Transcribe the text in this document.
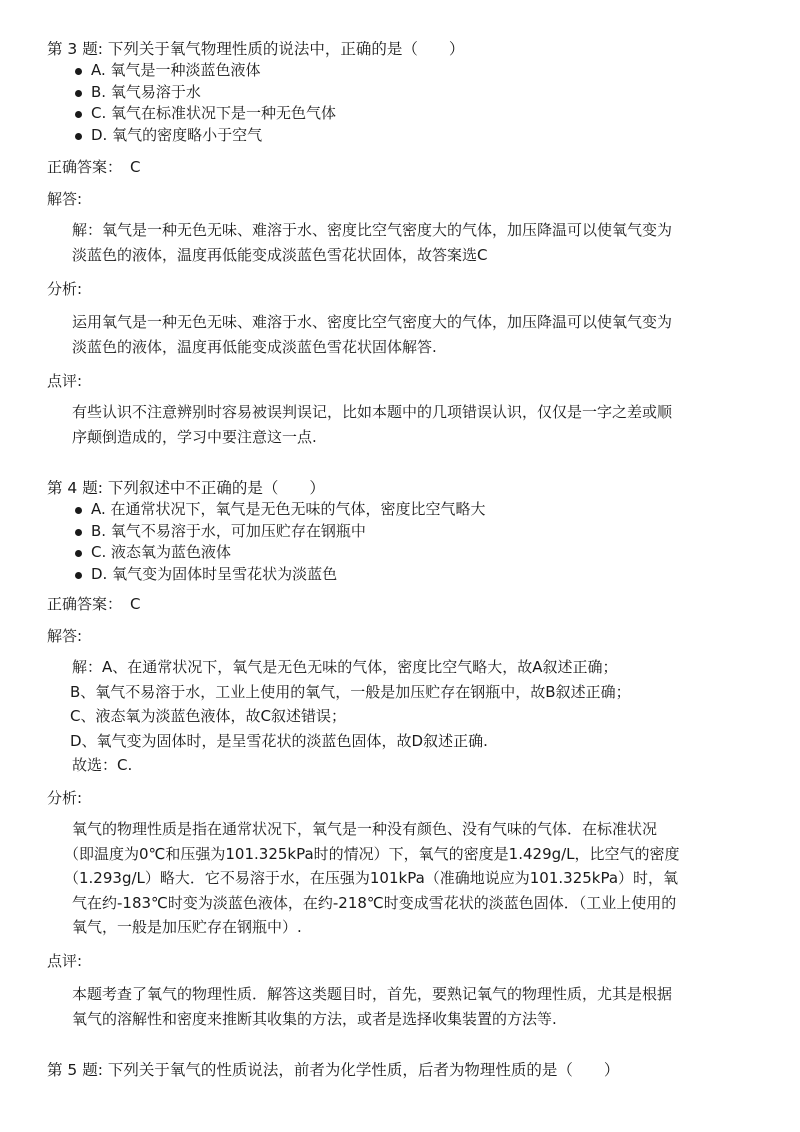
第 3 题: 下列关于氧气物理性质的说法中，正确的是（　　）
A. 氧气是一种淡蓝色液体
B. 氧气易溶于水
C. 氧气在标准状况下是一种无色气体
D. 氧气的密度略小于空气
正确答案： C
解答:
解：氧气是一种无色无味、难溶于水、密度比空气密度大的气体，加压降温可以使氧气变为
淡蓝色的液体，温度再低能变成淡蓝色雪花状固体，故答案选C
分析:
运用氧气是一种无色无味、难溶于水、密度比空气密度大的气体，加压降温可以使氧气变为
淡蓝色的液体，温度再低能变成淡蓝色雪花状固体解答.
点评:
有些认识不注意辨别时容易被误判误记，比如本题中的几项错误认识，仅仅是一字之差或顺
序颠倒造成的，学习中要注意这一点.
第 4 题: 下列叙述中不正确的是（　　）
A. 在通常状况下，氧气是无色无味的气体，密度比空气略大
B. 氧气不易溶于水，可加压贮存在钢瓶中
C. 液态氧为蓝色液体
D. 氧气变为固体时呈雪花状为淡蓝色
正确答案： C
解答:
解：A、在通常状况下，氧气是无色无味的气体，密度比空气略大，故A叙述正确；
B、氧气不易溶于水，工业上使用的氧气，一般是加压贮存在钢瓶中，故B叙述正确；
C、液态氧为淡蓝色液体，故C叙述错误；
D、氧气变为固体时，是呈雪花状的淡蓝色固体，故D叙述正确.
故选：C.
分析:
氧气的物理性质是指在通常状况下，氧气是一种没有颜色、没有气味的气体．在标准状况
（即温度为0℃和压强为101.325kPa时的情况）下，氧气的密度是1.429g/L，比空气的密度
（1.293g/L）略大．它不易溶于水，在压强为101kPa（准确地说应为101.325kPa）时，氧
气在约-183℃时变为淡蓝色液体，在约-218℃时变成雪花状的淡蓝色固体．（工业上使用的
氧气，一般是加压贮存在钢瓶中）.
点评:
本题考查了氧气的物理性质．解答这类题目时，首先，要熟记氧气的物理性质，尤其是根据
氧气的溶解性和密度来推断其收集的方法，或者是选择收集装置的方法等.
第 5 题: 下列关于氧气的性质说法，前者为化学性质，后者为物理性质的是（　　）
